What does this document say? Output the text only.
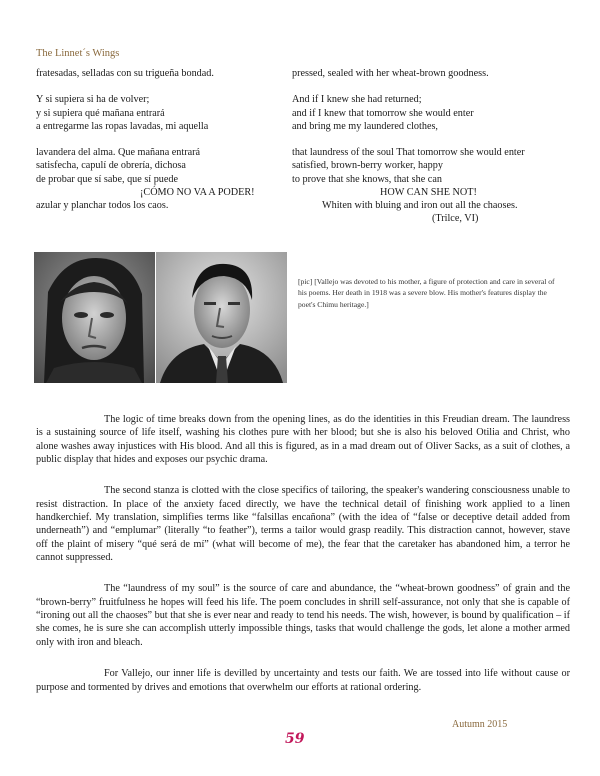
The Linnet´s Wings
fratesadas, selladas con su trigueña bondad.
Y si supiera si ha de volver;
y si supiera qué mañana entrará
a entregarme las ropas lavadas, mi aquella
lavandera del alma. Que mañana entrará
satisfecha, capulí de obrería, dichosa
de probar que sí sabe, que sí puede
¡CÓMO NO VA A PODER!
azular y planchar todos los caos.
pressed, sealed with her wheat-brown goodness.
And if I knew she had returned;
and if I knew that tomorrow she would enter
and bring me my laundered clothes,
that laundress of the soul That tomorrow she would enter
satisfied, brown-berry worker, happy
to prove that she knows, that she can
HOW CAN SHE NOT!
Whiten with bluing and iron out all the chaoses.
(Trilce, VI)
[pic] [Vallejo was devoted to his mother, a figure of protection and care in several of his poems. Her death in 1918 was a severe blow. His mother's features display the poet's Chimu heritage.]

The logic of time breaks down from the opening lines, as do the identities in this Freudian dream. The laundress is a sustaining source of life itself, washing his clothes pure with her blood; but she is also his beloved Otilia and Christ, who alone washes away injustices with His blood. And all this is figured, as in a mad dream out of Oliver Sacks, as a suit of clothes, a public display that hides and exposes our psychic drama.

The second stanza is clotted with the close specifics of tailoring, the speaker's wandering consciousness unable to resist distraction. In place of the anxiety faced directly, we have the technical detail of finishing work applied to a linen handkerchief. My translation, simplifies terms like “falsillas encañona” (with the idea of “false or deceptive detail added from underneath”) and “emplumar” (literally “to feather”), terms a tailor would grasp readily. This distraction cannot, however, stave off the plaint of misery “qué será de mí” (what will become of me), the fear that the caretaker has abandoned him, a terror he cannot suppressed.

The “laundress of my soul” is the source of care and abundance, the “wheat-brown goodness” of grain and the “brown-berry” fruitfulness he hopes will feed his life. The poem concludes in shrill self-assurance, not only that she is capable of “ironing out all the chaoses” but that she is ever near and ready to tend his needs. The wish, however, is bound by qualification – if she comes, he is sure she can accomplish utterly impossible things, tasks that would challenge the gods, let alone a mother armed only with iron and bleach.

For Vallejo, our inner life is devilled by uncertainty and tests our faith. We are tossed into life without cause or purpose and tormented by drives and emotions that overwhelm our efforts at rational ordering.

Autumn 2015
59
